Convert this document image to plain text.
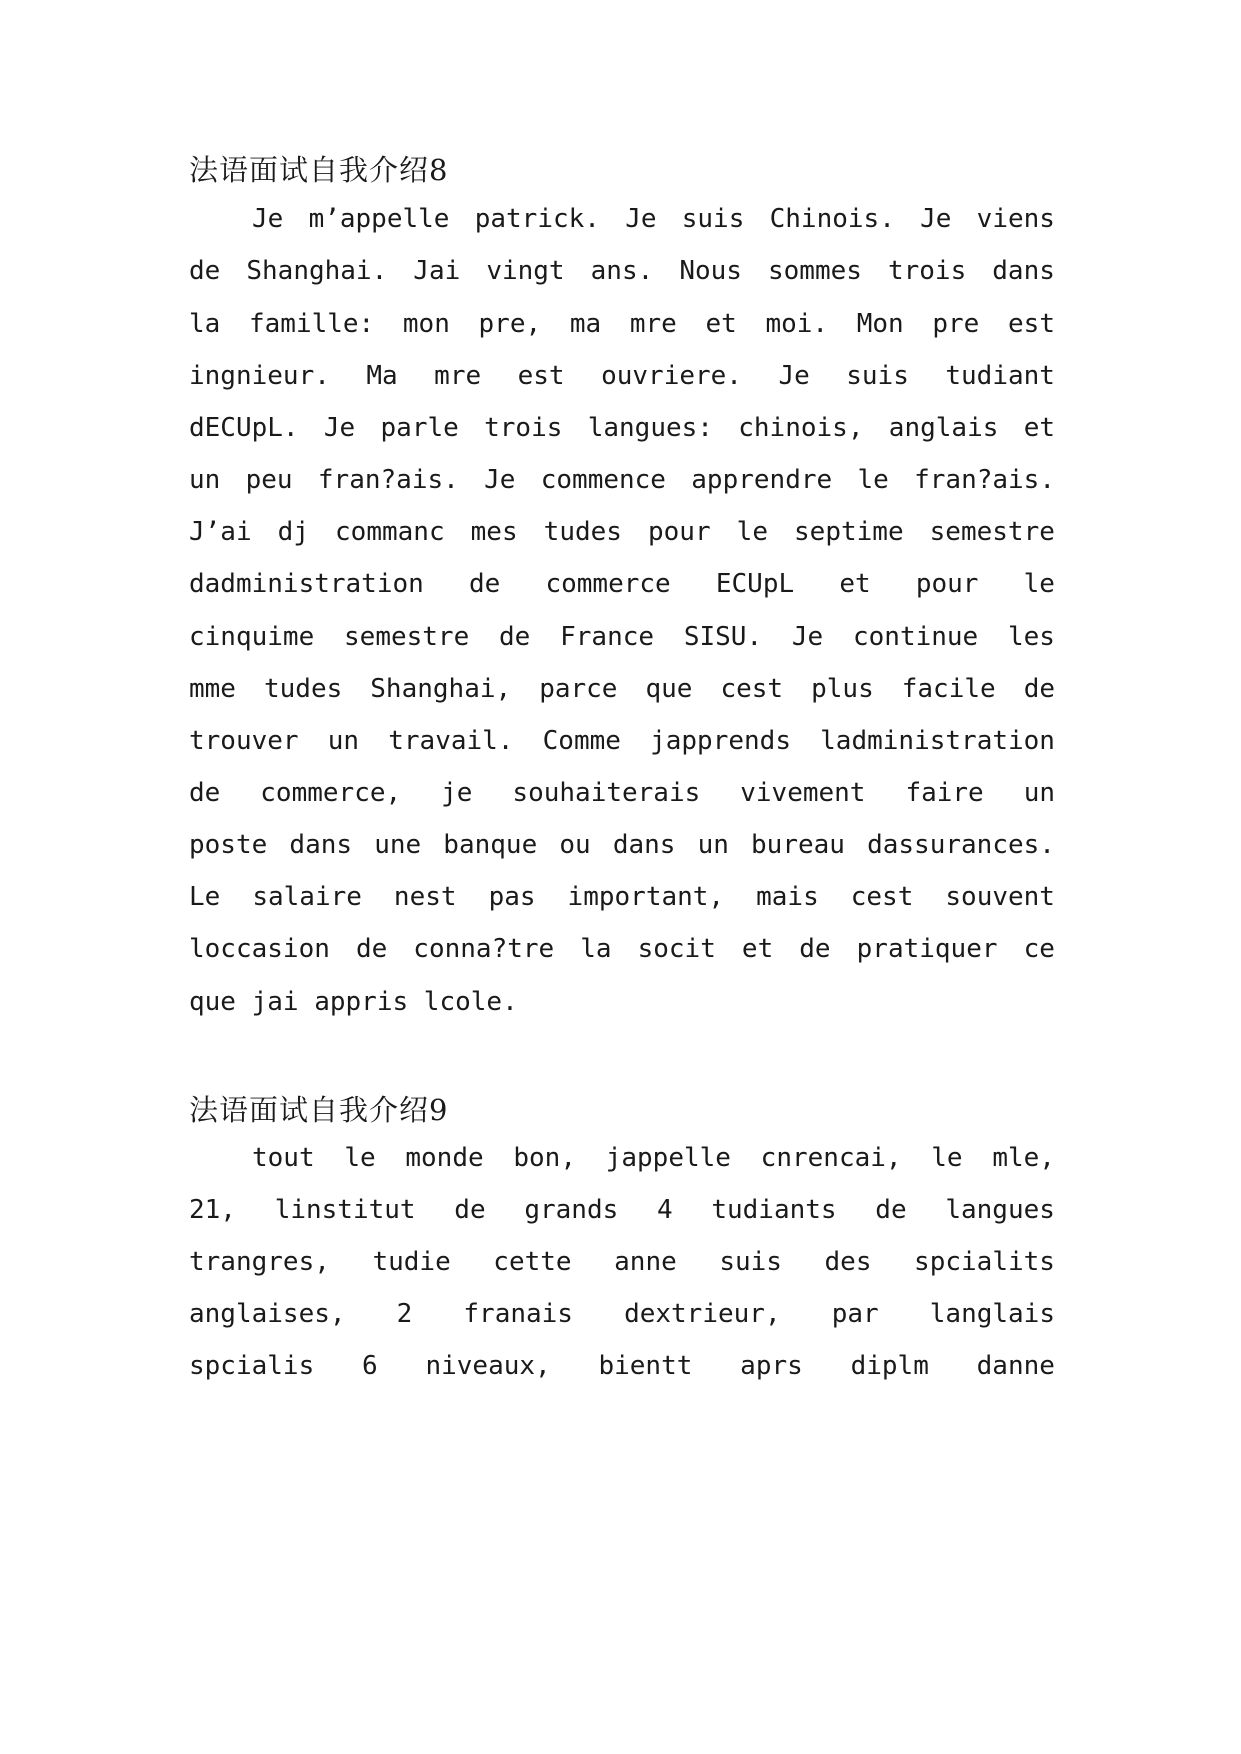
法语面试自我介绍8
Je m’appelle patrick. Je suis Chinois. Je viens
de Shanghai. Jai vingt ans. Nous sommes trois dans
la famille: mon pre, ma mre et moi. Mon pre est
ingnieur. Ma mre est ouvriere. Je suis tudiant
dECUpL. Je parle trois langues: chinois, anglais et
un peu fran?ais. Je commence apprendre le fran?ais.
J’ai dj commanc mes tudes pour le septime semestre
dadministration de commerce ECUpL et pour le
cinquime semestre de France SISU. Je continue les
mme tudes Shanghai, parce que cest plus facile de
trouver un travail. Comme japprends ladministration
de commerce, je souhaiterais vivement faire un
poste dans une banque ou dans un bureau dassurances.
Le salaire nest pas important, mais cest souvent
loccasion de conna?tre la socit et de pratiquer ce
que jai appris lcole.
法语面试自我介绍9
tout le monde bon, jappelle cnrencai, le mle,
21, linstitut de grands 4 tudiants de langues
trangres, tudie cette anne suis des spcialits
anglaises, 2 franais dextrieur, par langlais
spcialis 6 niveaux, bientt aprs diplm danne
